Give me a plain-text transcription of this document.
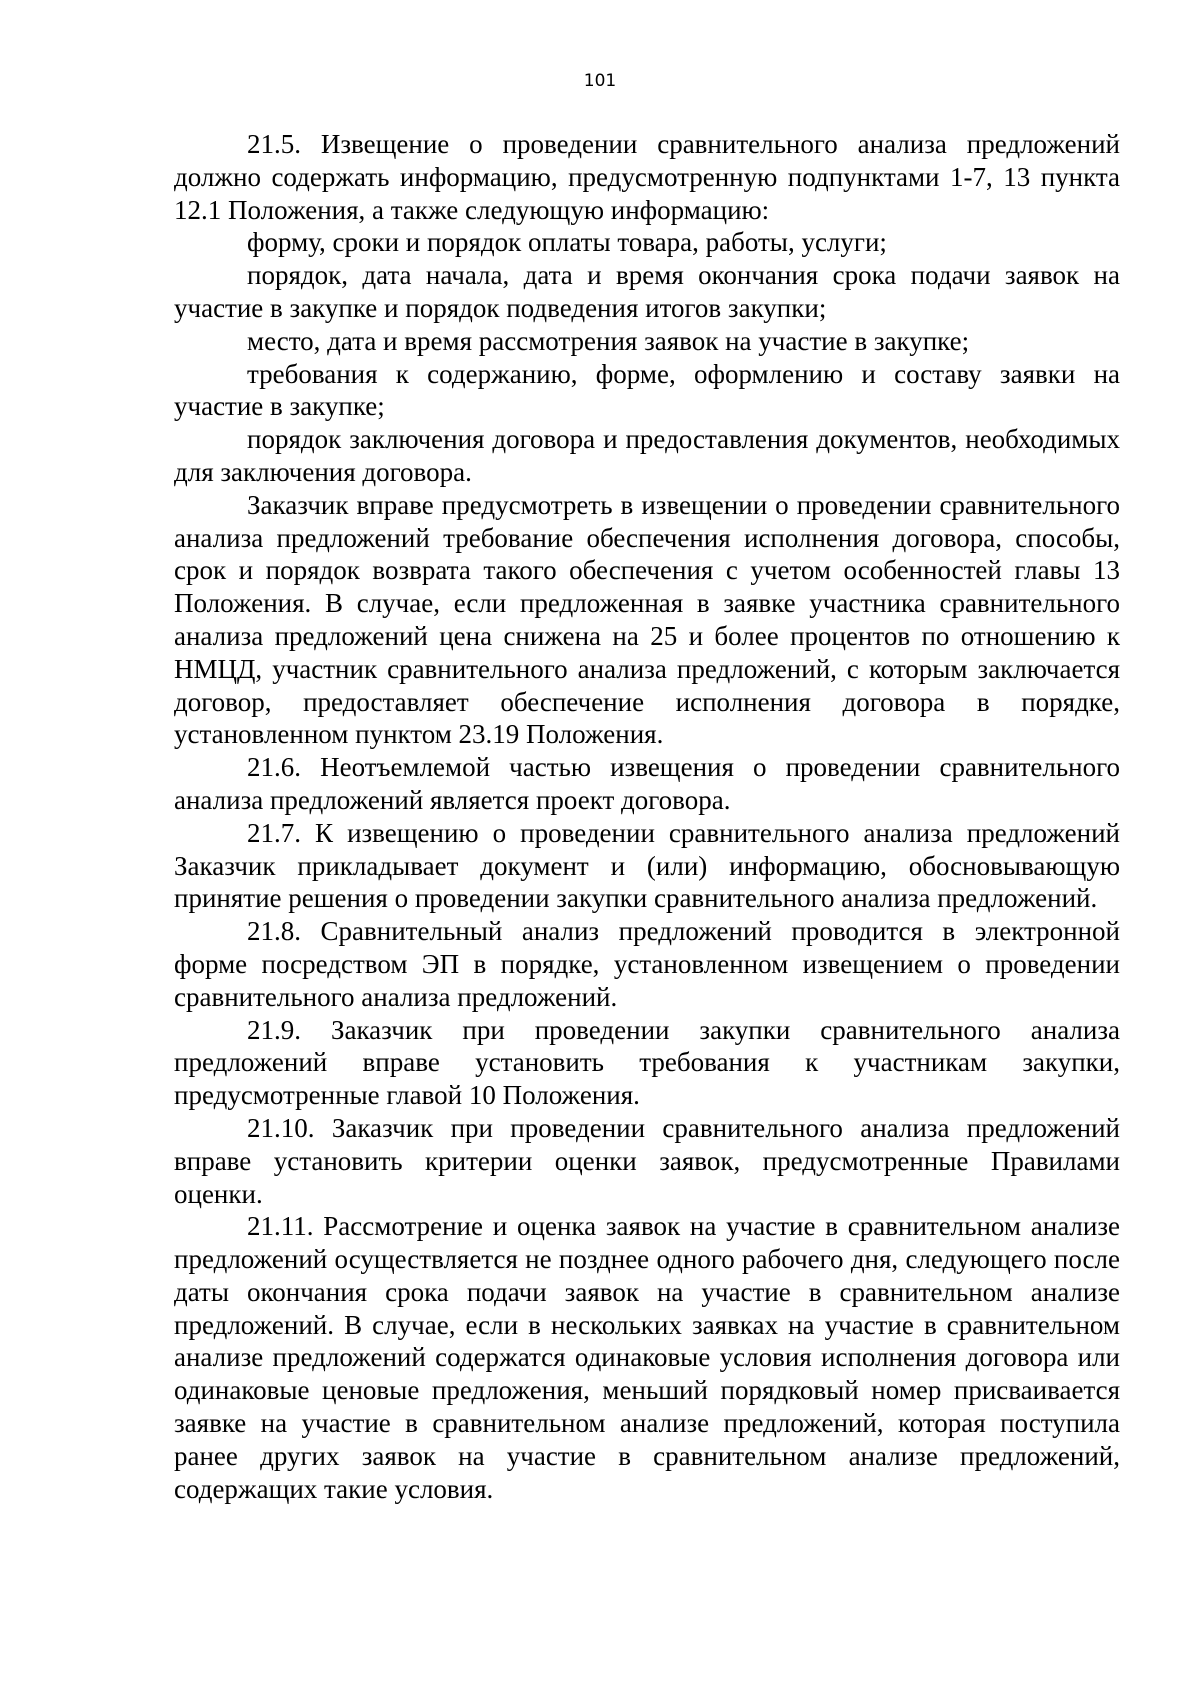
101

21.5. Извещение о проведении сравнительного анализа предложений должно содержать информацию, предусмотренную подпунктами 1-7, 13 пункта 12.1 Положения, а также следующую информацию:

форму, сроки и порядок оплаты товара, работы, услуги;

порядок, дата начала, дата и время окончания срока подачи заявок на участие в закупке и порядок подведения итогов закупки;

место, дата и время рассмотрения заявок на участие в закупке;

требования к содержанию, форме, оформлению и составу заявки на участие в закупке;

порядок заключения договора и предоставления документов, необходимых для заключения договора.

Заказчик вправе предусмотреть в извещении о проведении сравнительного анализа предложений требование обеспечения исполнения договора, способы, срок и порядок возврата такого обеспечения с учетом особенностей главы 13 Положения. В случае, если предложенная в заявке участника сравнительного анализа предложений цена снижена на 25 и более процентов по отношению к НМЦД, участник сравнительного анализа предложений, с которым заключается договор, предоставляет обеспечение исполнения договора в порядке, установленном пунктом 23.19 Положения.

21.6. Неотъемлемой частью извещения о проведении сравнительного анализа предложений является проект договора.

21.7. К извещению о проведении сравнительного анализа предложений Заказчик прикладывает документ и (или) информацию, обосновывающую принятие решения о проведении закупки сравнительного анализа предложений.

21.8. Сравнительный анализ предложений проводится в электронной форме посредством ЭП в порядке, установленном извещением о проведении сравнительного анализа предложений.

21.9. Заказчик при проведении закупки сравнительного анализа предложений вправе установить требования к участникам закупки, предусмотренные главой 10 Положения.

21.10. Заказчик при проведении сравнительного анализа предложений вправе установить критерии оценки заявок, предусмотренные Правилами оценки.

21.11. Рассмотрение и оценка заявок на участие в сравнительном анализе предложений осуществляется не позднее одного рабочего дня, следующего после даты окончания срока подачи заявок на участие в сравнительном анализе предложений. В случае, если в нескольких заявках на участие в сравнительном анализе предложений содержатся одинаковые условия исполнения договора или одинаковые ценовые предложения, меньший порядковый номер присваивается заявке на участие в сравнительном анализе предложений, которая поступила ранее других заявок на участие в сравнительном анализе предложений, содержащих такие условия.
